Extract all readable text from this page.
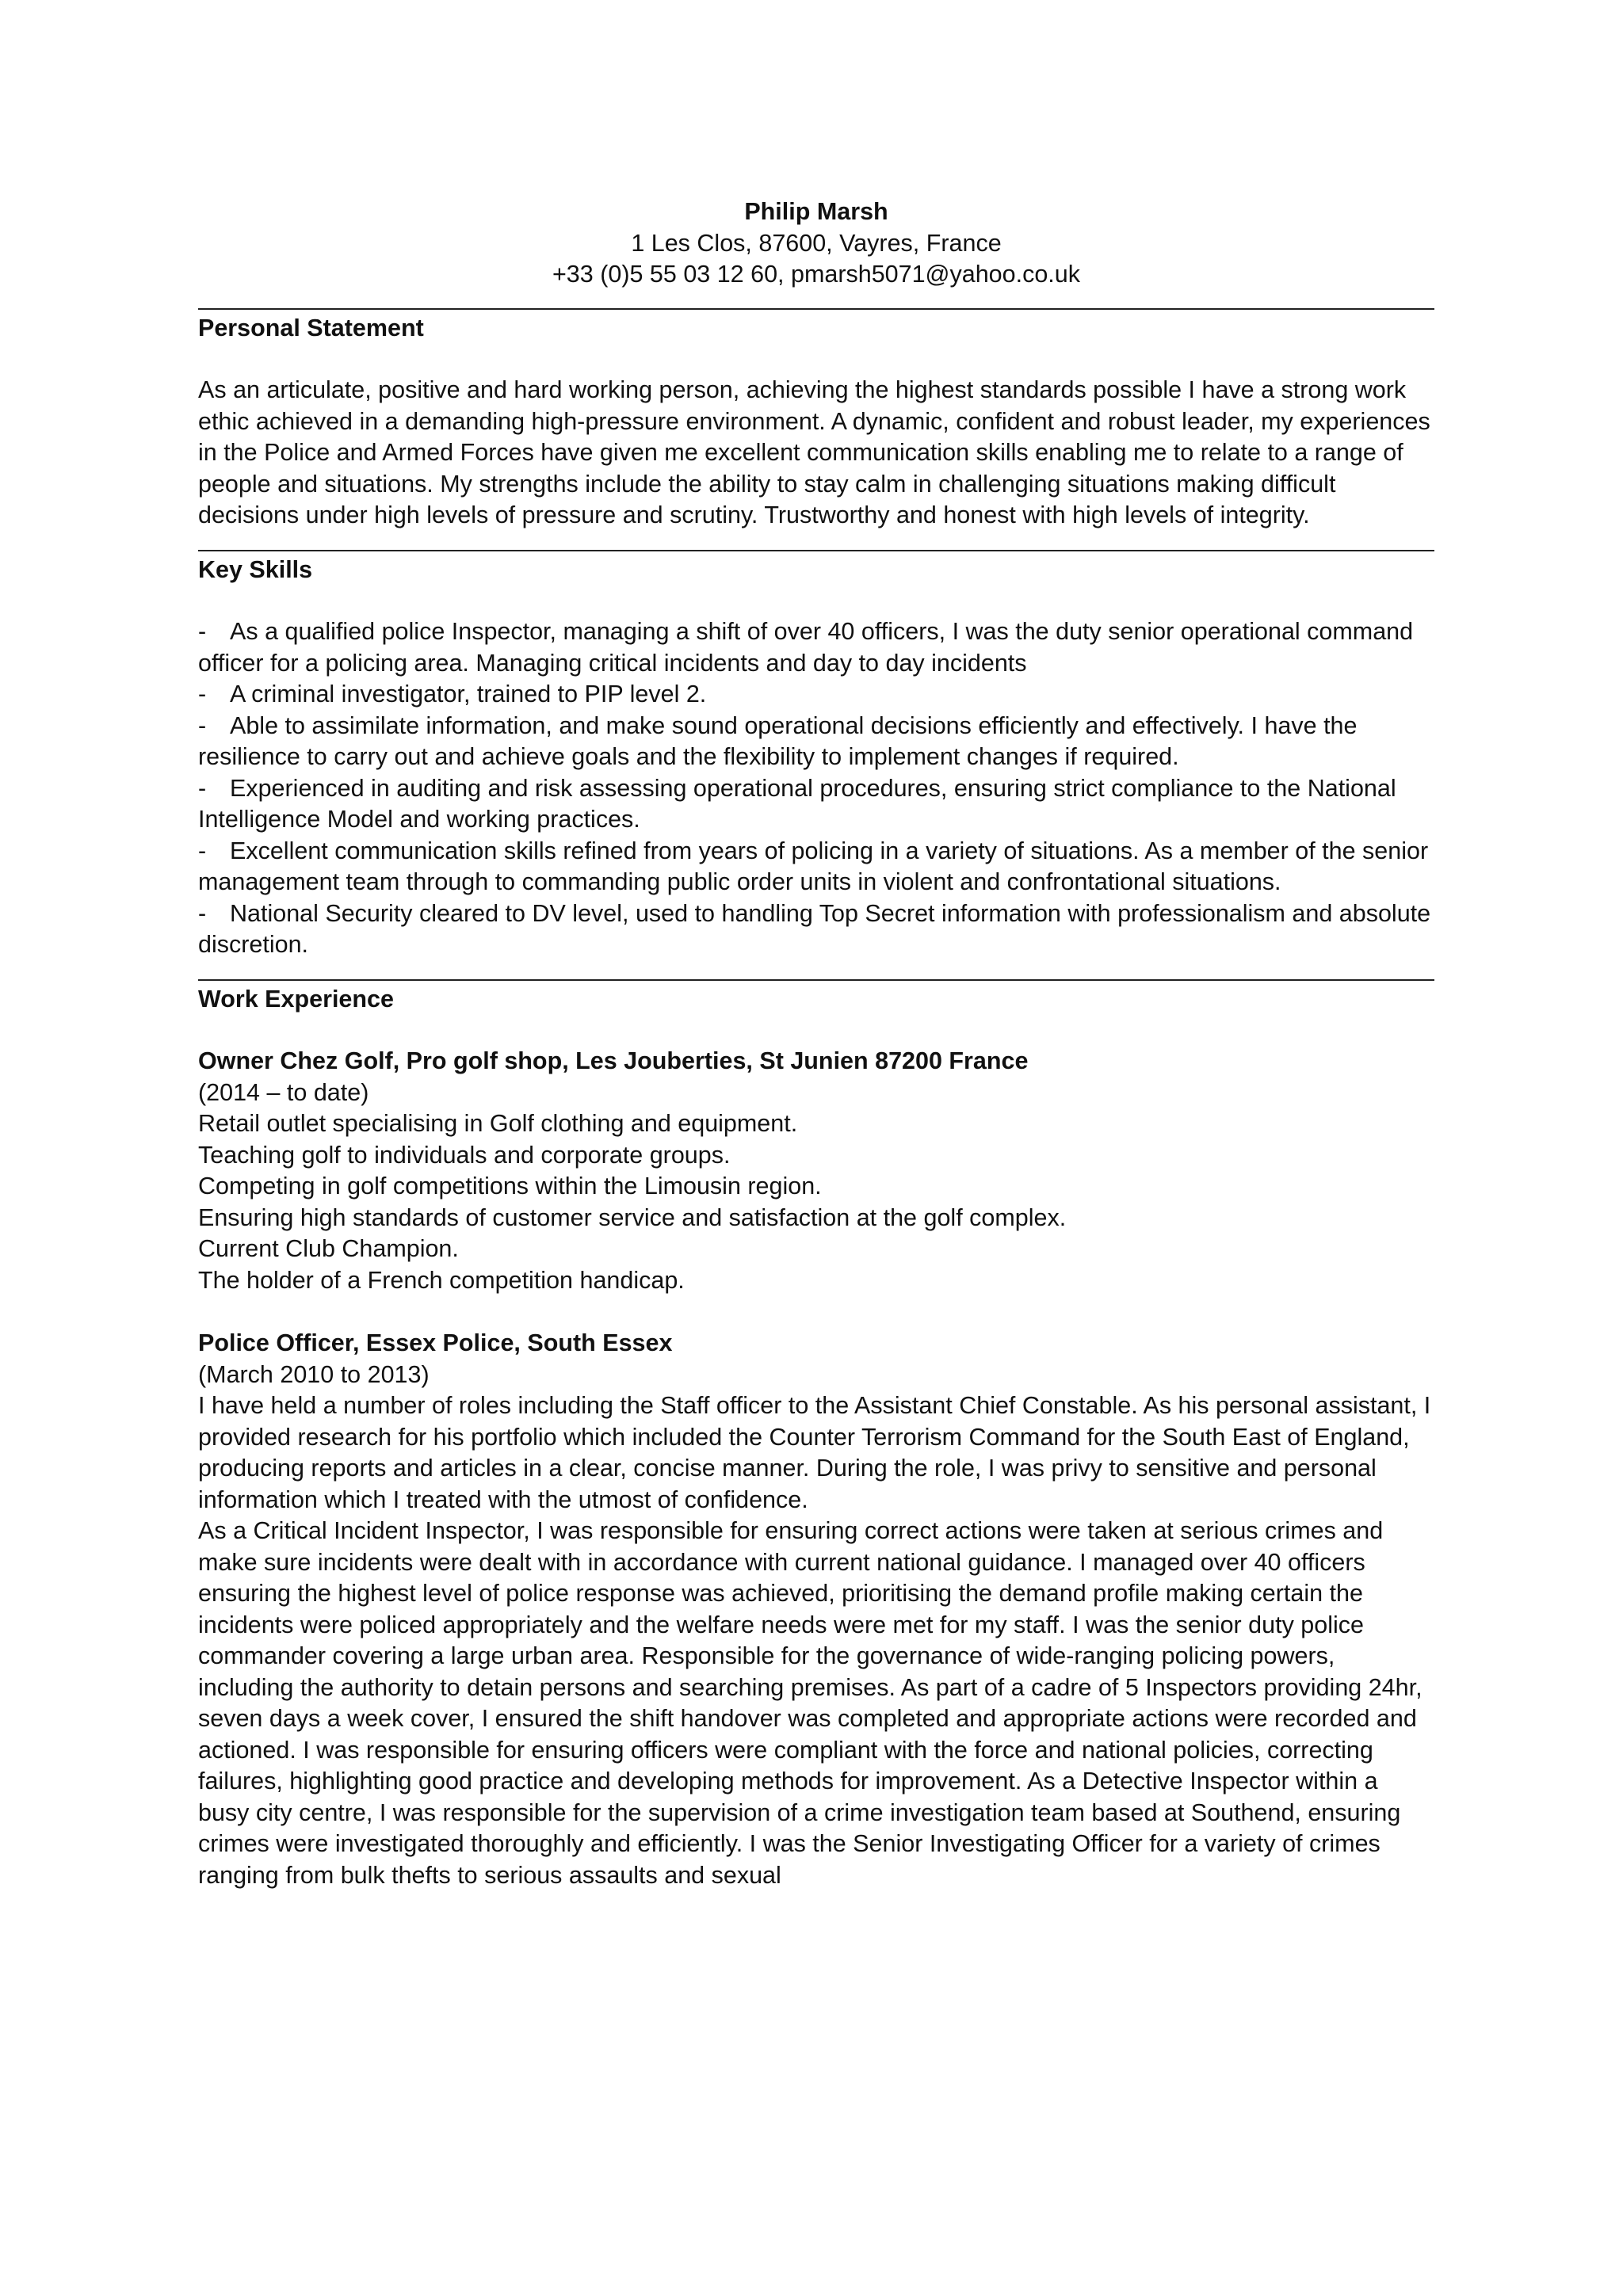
Philip Marsh
1 Les Clos, 87600, Vayres, France
+33 (0)5 55 03 12 60, pmarsh5071@yahoo.co.uk
Personal Statement

As an articulate, positive and hard working person, achieving the highest standards possible I have a strong work ethic achieved in a demanding high-pressure environment. A dynamic, confident and robust leader, my experiences in the Police and Armed Forces have given me excellent communication skills enabling me to relate to a range of people and situations. My strengths include the ability to stay calm in challenging situations making difficult decisions under high levels of pressure and scrutiny. Trustworthy and honest with high levels of integrity.

Key Skills
- As a qualified police Inspector, managing a shift of over 40 officers, I was the duty senior operational command officer for a policing area. Managing critical incidents and day to day incidents
- A criminal investigator, trained to PIP level 2.
- Able to assimilate information, and make sound operational decisions efficiently and effectively. I have the resilience to carry out and achieve goals and the flexibility to implement changes if required.
- Experienced in auditing and risk assessing operational procedures, ensuring strict compliance to the National Intelligence Model and working practices.
- Excellent communication skills refined from years of policing in a variety of situations. As a member of the senior management team through to commanding public order units in violent and confrontational situations.
- National Security cleared to DV level, used to handling Top Secret information with professionalism and absolute discretion.
Work Experience
Owner Chez Golf, Pro golf shop, Les Jouberties, St Junien 87200 France
(2014 – to date)
Retail outlet specialising in Golf clothing and equipment.
Teaching golf to individuals and corporate groups.
Competing in golf competitions within the Limousin region.
Ensuring high standards of customer service and satisfaction at the golf complex.
Current Club Champion.
The holder of a French competition handicap.
Police Officer, Essex Police, South Essex
(March 2010 to 2013)
I have held a number of roles including the Staff officer to the Assistant Chief Constable. As his personal assistant, I provided research for his portfolio which included the Counter Terrorism Command for the South East of England, producing reports and articles in a clear, concise manner. During the role, I was privy to sensitive and personal information which I treated with the utmost of confidence.
As a Critical Incident Inspector, I was responsible for ensuring correct actions were taken at serious crimes and make sure incidents were dealt with in accordance with current national guidance. I managed over 40 officers ensuring the highest level of police response was achieved, prioritising the demand profile making certain the incidents were policed appropriately and the welfare needs were met for my staff. I was the senior duty police commander covering a large urban area. Responsible for the governance of wide-ranging policing powers, including the authority to detain persons and searching premises. As part of a cadre of 5 Inspectors providing 24hr, seven days a week cover, I ensured the shift handover was completed and appropriate actions were recorded and actioned. I was responsible for ensuring officers were compliant with the force and national policies, correcting failures, highlighting good practice and developing methods for improvement. As a Detective Inspector within a busy city centre, I was responsible for the supervision of a crime investigation team based at Southend, ensuring crimes were investigated thoroughly and efficiently. I was the Senior Investigating Officer for a variety of crimes ranging from bulk thefts to serious assaults and sexual
